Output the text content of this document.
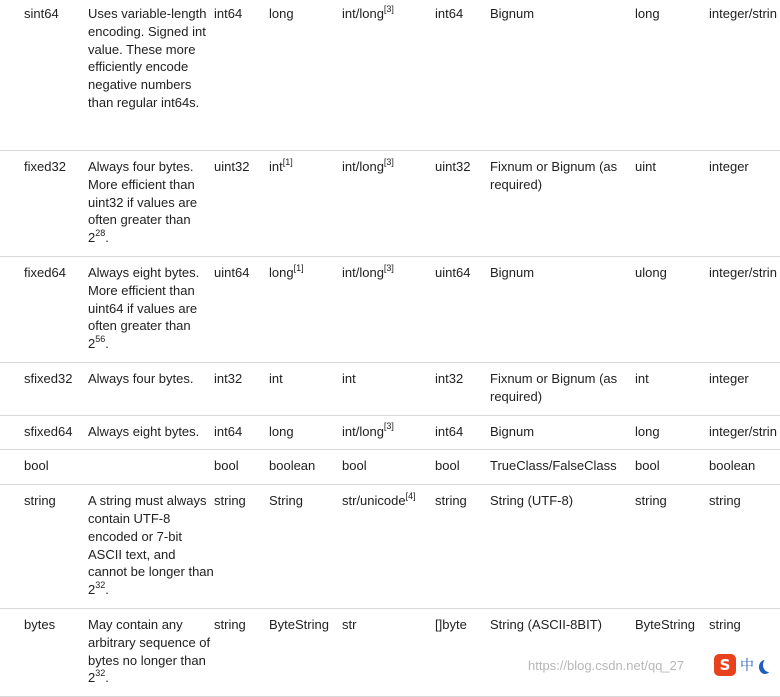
sint64	Uses variable-length encoding. Signed int value. These more efficiently encode negative numbers than regular int64s.	int64	long	int/long[3]	int64	Bignum	long	integer/strin
fixed32	Always four bytes. More efficient than uint32 if values are often greater than $2^{28}$.	uint32	int[1]	int/long[3]	uint32	Fixnum or Bignum (as required)	uint	integer
fixed64	Always eight bytes. More efficient than uint64 if values are often greater than $2^{56}$.	uint64	long[1]	int/long[3]	uint64	Bignum	ulong	integer/strin
sfixed32	Always four bytes.	int32	int	int	int32	Fixnum or Bignum (as required)	int	integer
sfixed64	Always eight bytes.	int64	long	int/long[3]	int64	Bignum	long	integer/strin
bool		bool	boolean	bool	bool	TrueClass/FalseClass	bool	boolean
string	A string must always contain UTF-8 encoded or 7-bit ASCII text, and cannot be longer than $2^{32}$.	string	String	str/unicode[4]	string	String (UTF-8)	string	string
bytes	May contain any arbitrary sequence of bytes no longer than $2^{32}$.	string	ByteString	str	[]byte	String (ASCII-8BIT)	ByteString	string
https://blog.csdn.net/qq_27	S 中
